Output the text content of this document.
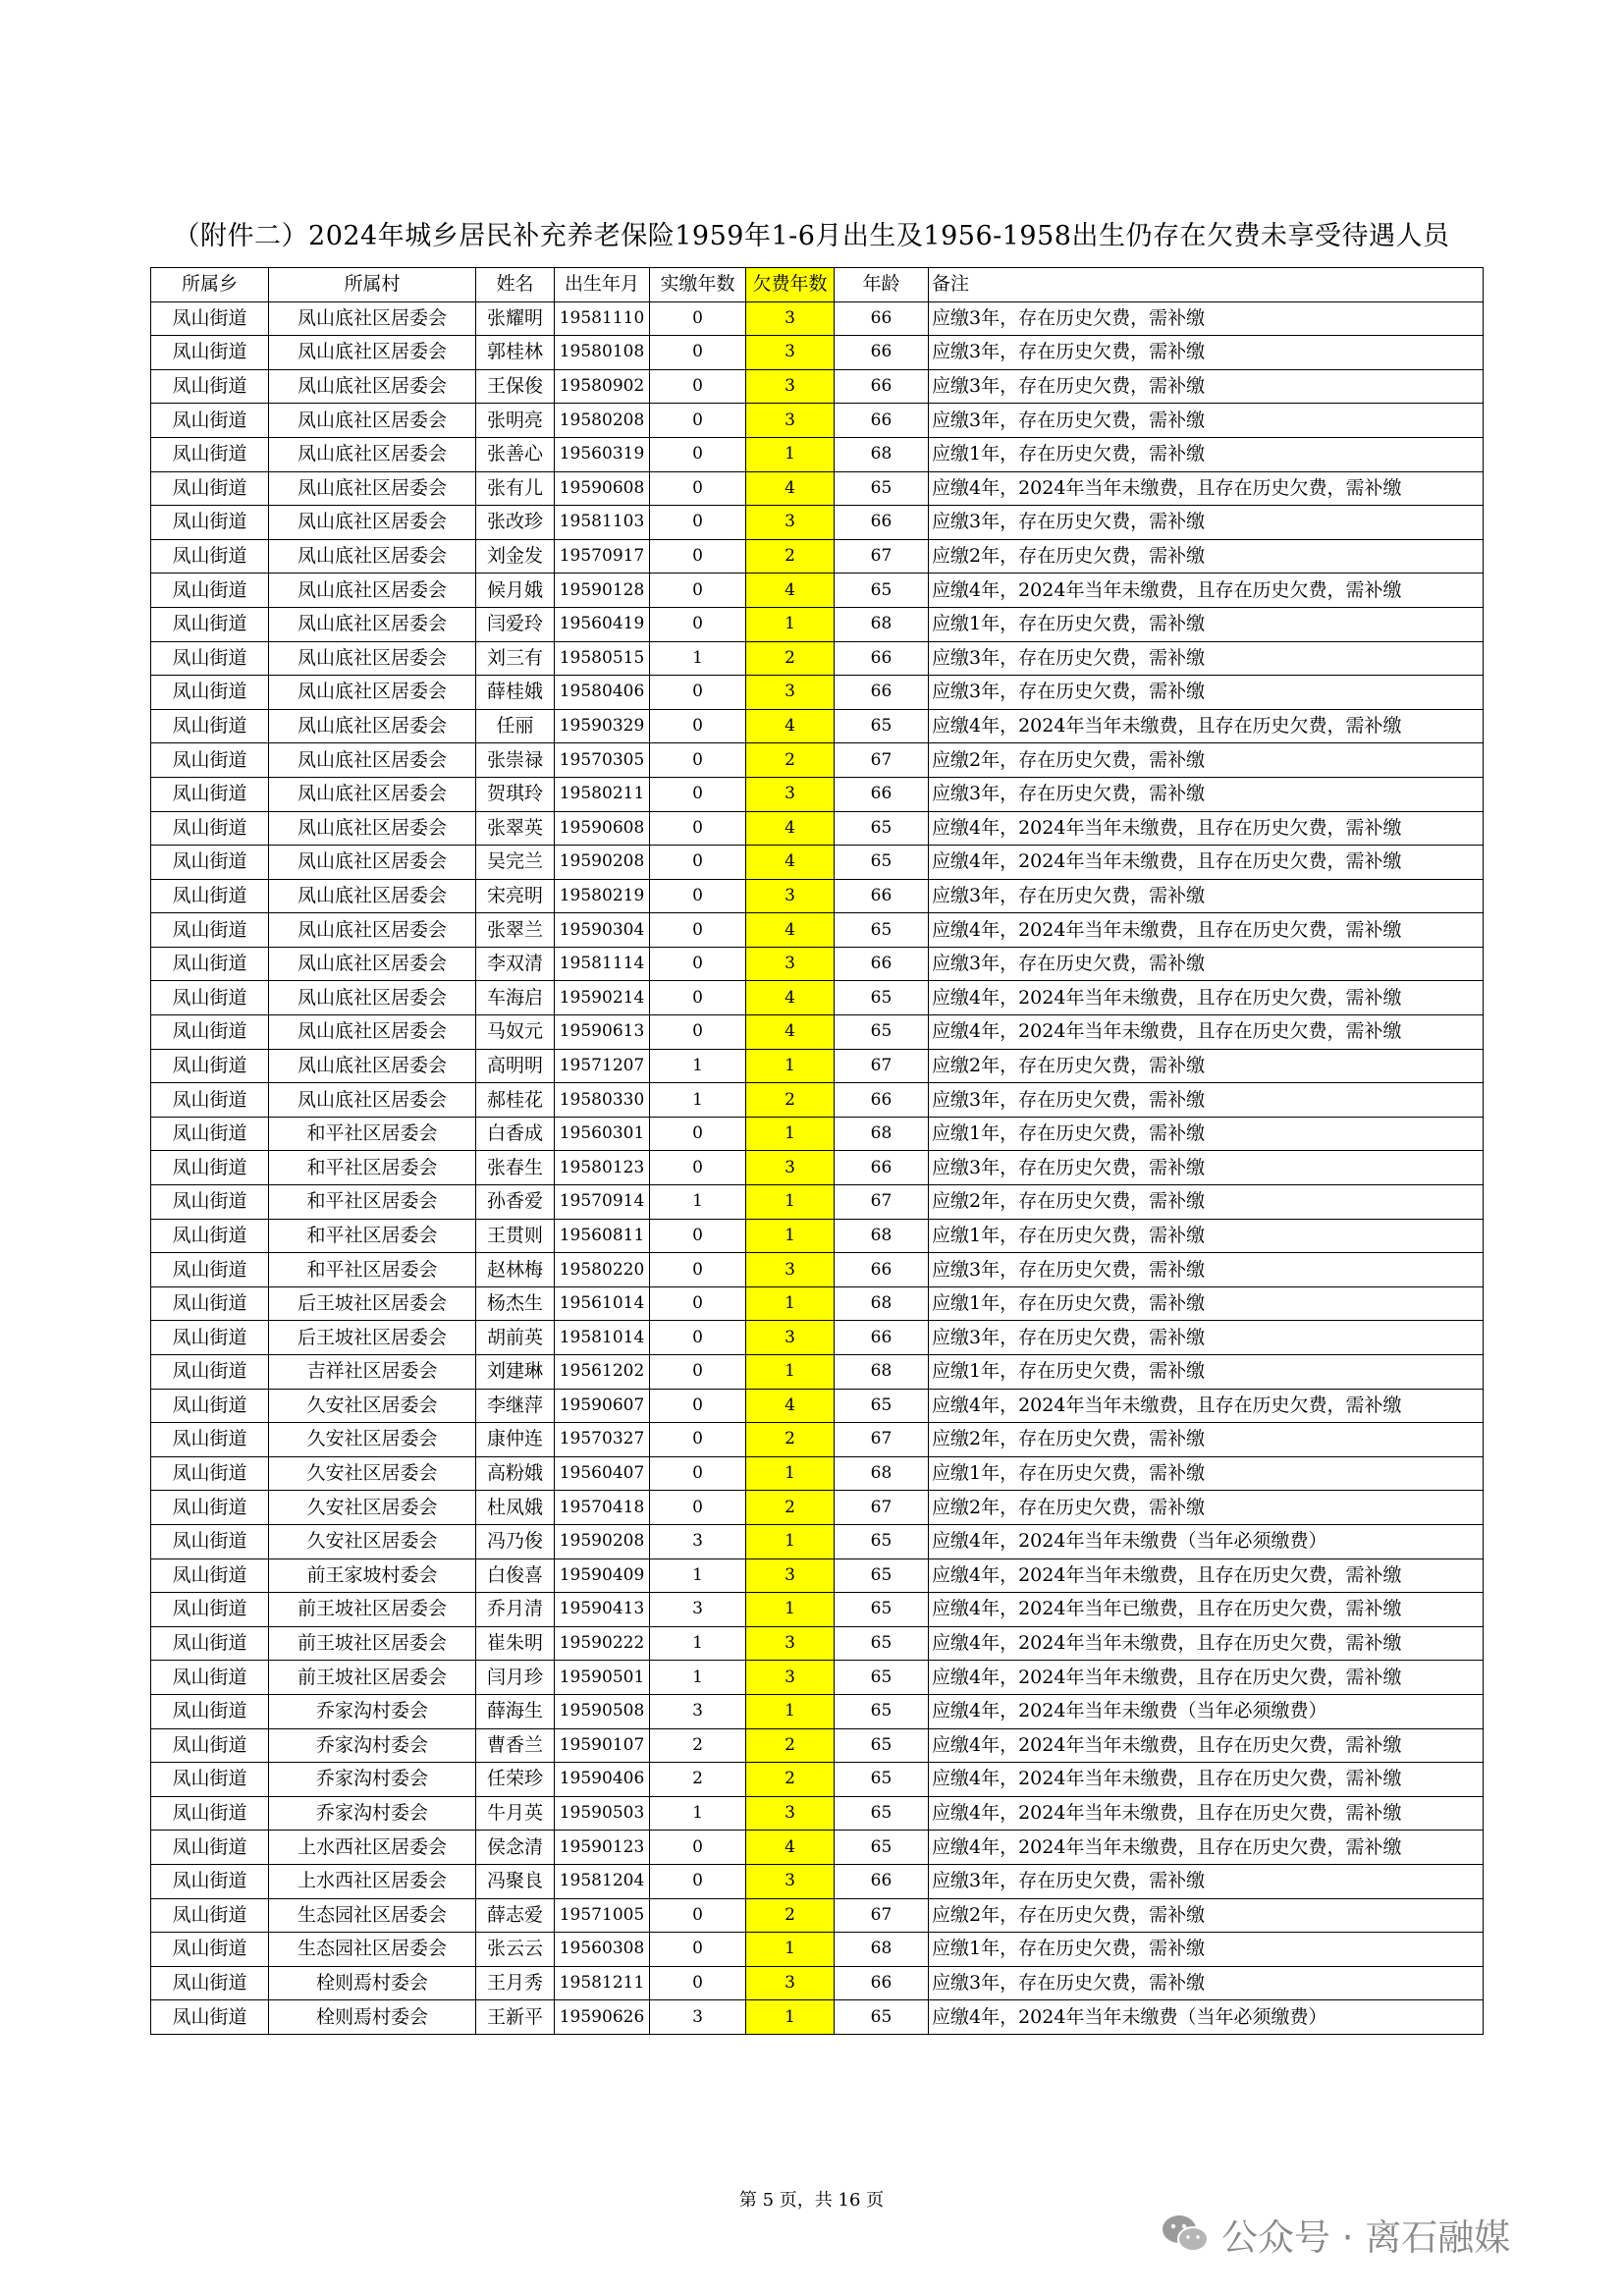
（附件二）2024年城乡居民补充养老保险1959年1-6月出生及1956-1958出生仍存在欠费未享受待遇人员
所属乡	所属村	姓名	出生年月	实缴年数	欠费年数	年龄	备注
凤山街道	凤山底社区居委会	张耀明	19581110	0	3	66	应缴3年，存在历史欠费，需补缴
凤山街道	凤山底社区居委会	郭桂林	19580108	0	3	66	应缴3年，存在历史欠费，需补缴
凤山街道	凤山底社区居委会	王保俊	19580902	0	3	66	应缴3年，存在历史欠费，需补缴
凤山街道	凤山底社区居委会	张明亮	19580208	0	3	66	应缴3年，存在历史欠费，需补缴
凤山街道	凤山底社区居委会	张善心	19560319	0	1	68	应缴1年，存在历史欠费，需补缴
凤山街道	凤山底社区居委会	张有儿	19590608	0	4	65	应缴4年，2024年当年未缴费，且存在历史欠费，需补缴
凤山街道	凤山底社区居委会	张改珍	19581103	0	3	66	应缴3年，存在历史欠费，需补缴
凤山街道	凤山底社区居委会	刘金发	19570917	0	2	67	应缴2年，存在历史欠费，需补缴
凤山街道	凤山底社区居委会	候月娥	19590128	0	4	65	应缴4年，2024年当年未缴费，且存在历史欠费，需补缴
凤山街道	凤山底社区居委会	闫爱玲	19560419	0	1	68	应缴1年，存在历史欠费，需补缴
凤山街道	凤山底社区居委会	刘三有	19580515	1	2	66	应缴3年，存在历史欠费，需补缴
凤山街道	凤山底社区居委会	薛桂娥	19580406	0	3	66	应缴3年，存在历史欠费，需补缴
凤山街道	凤山底社区居委会	任丽	19590329	0	4	65	应缴4年，2024年当年未缴费，且存在历史欠费，需补缴
凤山街道	凤山底社区居委会	张崇禄	19570305	0	2	67	应缴2年，存在历史欠费，需补缴
凤山街道	凤山底社区居委会	贺琪玲	19580211	0	3	66	应缴3年，存在历史欠费，需补缴
凤山街道	凤山底社区居委会	张翠英	19590608	0	4	65	应缴4年，2024年当年未缴费，且存在历史欠费，需补缴
凤山街道	凤山底社区居委会	吴完兰	19590208	0	4	65	应缴4年，2024年当年未缴费，且存在历史欠费，需补缴
凤山街道	凤山底社区居委会	宋亮明	19580219	0	3	66	应缴3年，存在历史欠费，需补缴
凤山街道	凤山底社区居委会	张翠兰	19590304	0	4	65	应缴4年，2024年当年未缴费，且存在历史欠费，需补缴
凤山街道	凤山底社区居委会	李双清	19581114	0	3	66	应缴3年，存在历史欠费，需补缴
凤山街道	凤山底社区居委会	车海启	19590214	0	4	65	应缴4年，2024年当年未缴费，且存在历史欠费，需补缴
凤山街道	凤山底社区居委会	马奴元	19590613	0	4	65	应缴4年，2024年当年未缴费，且存在历史欠费，需补缴
凤山街道	凤山底社区居委会	高明明	19571207	1	1	67	应缴2年，存在历史欠费，需补缴
凤山街道	凤山底社区居委会	郝桂花	19580330	1	2	66	应缴3年，存在历史欠费，需补缴
凤山街道	和平社区居委会	白香成	19560301	0	1	68	应缴1年，存在历史欠费，需补缴
凤山街道	和平社区居委会	张春生	19580123	0	3	66	应缴3年，存在历史欠费，需补缴
凤山街道	和平社区居委会	孙香爱	19570914	1	1	67	应缴2年，存在历史欠费，需补缴
凤山街道	和平社区居委会	王贯则	19560811	0	1	68	应缴1年，存在历史欠费，需补缴
凤山街道	和平社区居委会	赵林梅	19580220	0	3	66	应缴3年，存在历史欠费，需补缴
凤山街道	后王坡社区居委会	杨杰生	19561014	0	1	68	应缴1年，存在历史欠费，需补缴
凤山街道	后王坡社区居委会	胡前英	19581014	0	3	66	应缴3年，存在历史欠费，需补缴
凤山街道	吉祥社区居委会	刘建琳	19561202	0	1	68	应缴1年，存在历史欠费，需补缴
凤山街道	久安社区居委会	李继萍	19590607	0	4	65	应缴4年，2024年当年未缴费，且存在历史欠费，需补缴
凤山街道	久安社区居委会	康仲连	19570327	0	2	67	应缴2年，存在历史欠费，需补缴
凤山街道	久安社区居委会	高粉娥	19560407	0	1	68	应缴1年，存在历史欠费，需补缴
凤山街道	久安社区居委会	杜凤娥	19570418	0	2	67	应缴2年，存在历史欠费，需补缴
凤山街道	久安社区居委会	冯乃俊	19590208	3	1	65	应缴4年，2024年当年未缴费（当年必须缴费）
凤山街道	前王家坡村委会	白俊喜	19590409	1	3	65	应缴4年，2024年当年未缴费，且存在历史欠费，需补缴
凤山街道	前王坡社区居委会	乔月清	19590413	3	1	65	应缴4年，2024年当年已缴费，且存在历史欠费，需补缴
凤山街道	前王坡社区居委会	崔朱明	19590222	1	3	65	应缴4年，2024年当年未缴费，且存在历史欠费，需补缴
凤山街道	前王坡社区居委会	闫月珍	19590501	1	3	65	应缴4年，2024年当年未缴费，且存在历史欠费，需补缴
凤山街道	乔家沟村委会	薛海生	19590508	3	1	65	应缴4年，2024年当年未缴费（当年必须缴费）
凤山街道	乔家沟村委会	曹香兰	19590107	2	2	65	应缴4年，2024年当年未缴费，且存在历史欠费，需补缴
凤山街道	乔家沟村委会	任荣珍	19590406	2	2	65	应缴4年，2024年当年未缴费，且存在历史欠费，需补缴
凤山街道	乔家沟村委会	牛月英	19590503	1	3	65	应缴4年，2024年当年未缴费，且存在历史欠费，需补缴
凤山街道	上水西社区居委会	侯念清	19590123	0	4	65	应缴4年，2024年当年未缴费，且存在历史欠费，需补缴
凤山街道	上水西社区居委会	冯聚良	19581204	0	3	66	应缴3年，存在历史欠费，需补缴
凤山街道	生态园社区居委会	薛志爱	19571005	0	2	67	应缴2年，存在历史欠费，需补缴
凤山街道	生态园社区居委会	张云云	19560308	0	1	68	应缴1年，存在历史欠费，需补缴
凤山街道	栓则焉村委会	王月秀	19581211	0	3	66	应缴3年，存在历史欠费，需补缴
凤山街道	栓则焉村委会	王新平	19590626	3	1	65	应缴4年，2024年当年未缴费（当年必须缴费）
第 5 页，共 16 页
公众号 · 离石融媒
